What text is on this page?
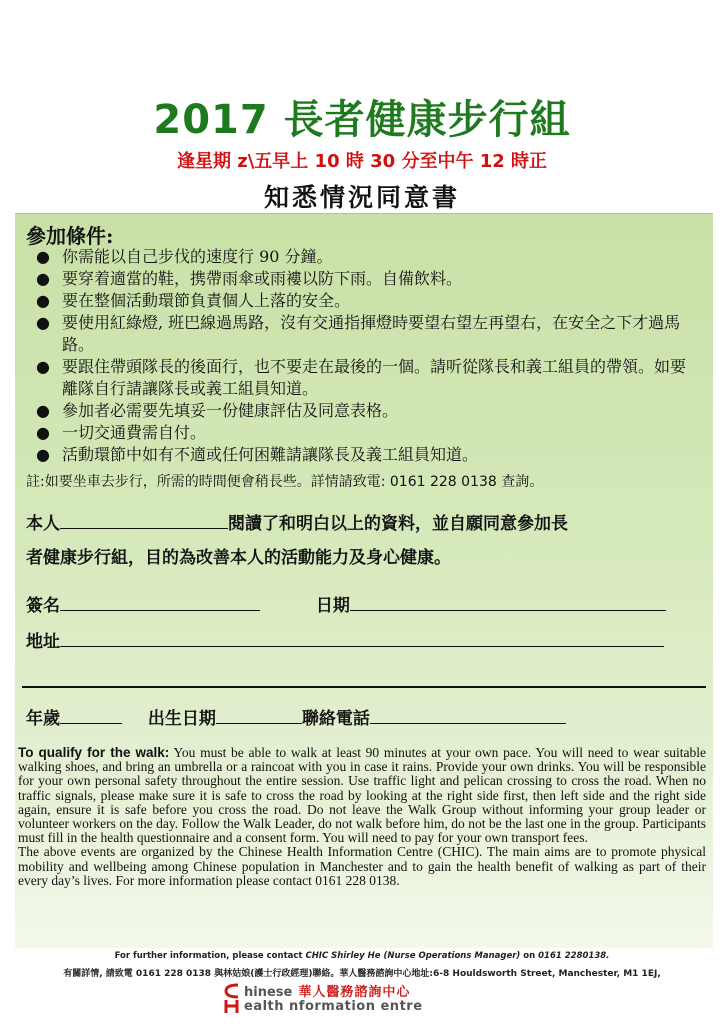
2017 長者健康步行組
逢星期 z\五早上 10 時 30 分至中午 12 時正
知悉情況同意書
參加條件:
● 你需能以自己步伐的速度行 90 分鐘。
● 要穿着適當的鞋，携帶雨傘或雨褸以防下雨。自備飲料。
● 要在整個活動環節負責個人上落的安全。
● 要使用紅綠燈, 班巴線過馬路，沒有交通指揮燈時要望右望左再望右，在安全之下才過馬路。
● 要跟住帶頭隊長的後面行，也不要走在最後的一個。請听從隊長和義工組員的帶領。如要離隊自行請讓隊長或義工組員知道。
● 參加者必需要先填妥一份健康評估及同意表格。
● 一切交通費需自付。
● 活動環節中如有不適或任何困難請讓隊長及義工組員知道。
註:如要坐車去步行，所需的時間便會稍長些。詳情請致電: 0161 228 0138 查詢。
本人	閱讀了和明白以上的資料，並自願同意參加長
者健康步行組，目的為改善本人的活動能力及身心健康。
簽名	日期
地址
年歲	出生日期	聯絡電話

To qualify for the walk: You must be able to walk at least 90 minutes at your own pace. You will need to wear suitable walking shoes, and bring an umbrella or a raincoat with you in case it rains. Provide your own drinks. You will be responsible for your own personal safety throughout the entire session. Use traffic light and pelican crossing to cross the road. When no traffic signals, please make sure it is safe to cross the road by looking at the right side first, then left side and the right side again, ensure it is safe before you cross the road. Do not leave the Walk Group without informing your group leader or volunteer workers on the day. Follow the Walk Leader, do not walk before him, do not be the last one in the group. Participants must fill in the health questionnaire and a consent form. You will need to pay for your own transport fees.
The above events are organized by the Chinese Health Information Centre (CHIC). The main aims are to promote physical mobility and wellbeing among Chinese population in Manchester and to gain the health benefit of walking as part of their every day’s lives. For more information please contact 0161 228 0138.

For further information, please contact CHIC Shirley He (Nurse Operations Manager) on 0161 2280138.
有關詳情, 請致電 0161 228 0138 與林姑娘(護士行政經理)聯絡。華人醫務諮詢中心地址:6-8 Houldsworth Street, Manchester, M1 1EJ,
hinese 華人醫務諮詢中心
ealth nformation entre
